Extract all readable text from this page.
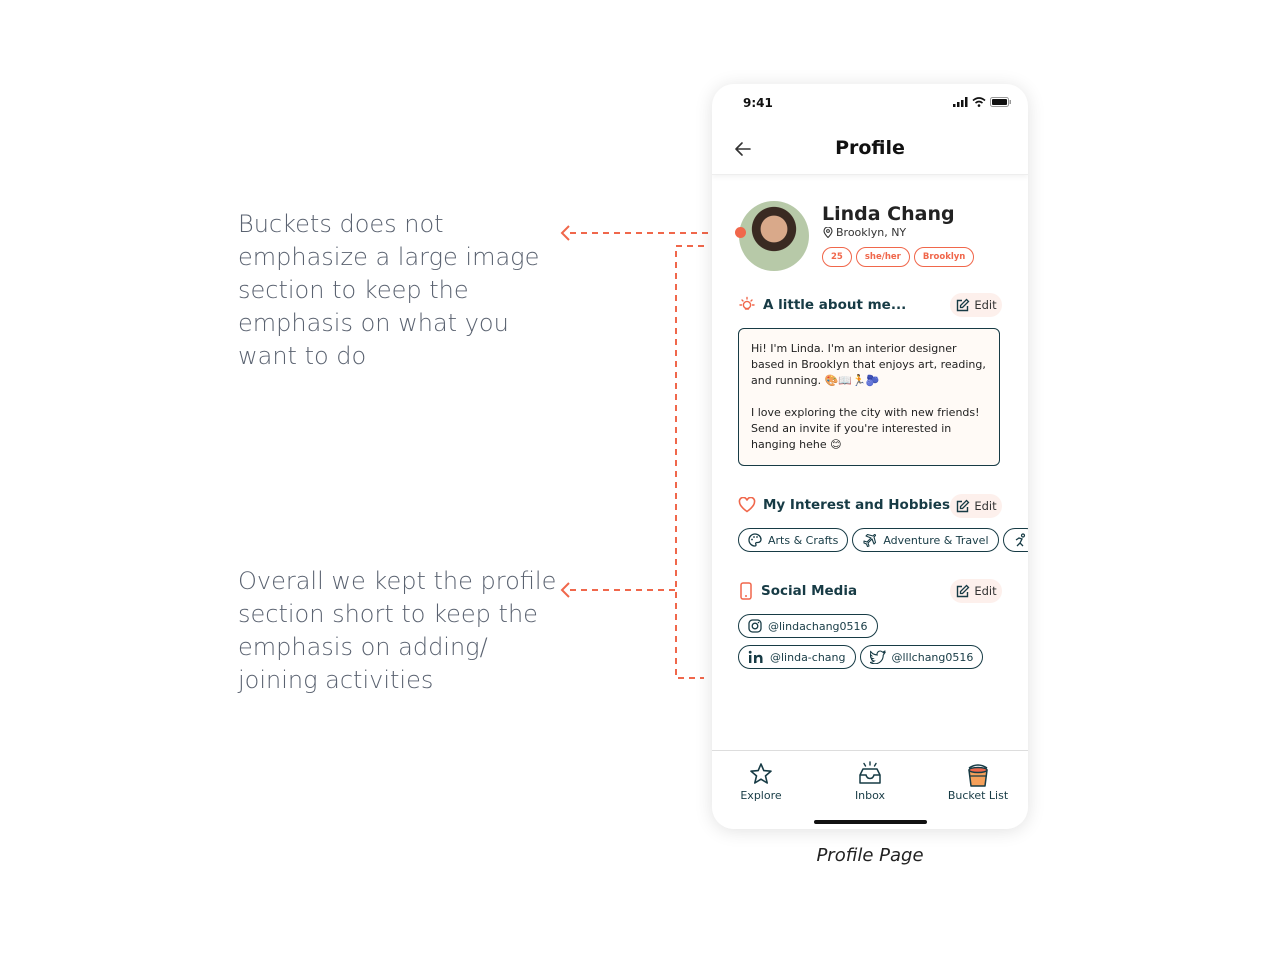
Buckets does not emphasize a large image section to keep the emphasis on what you want to do
Overall we kept the profile section short to keep the emphasis on adding/ joining activities
9:41
Profile
Linda Chang
Brooklyn, NY
25	she/her	Brooklyn
A little about me...	Edit

Hi! I'm Linda. I'm an interior designer based in Brooklyn that enjoys art, reading, and running. 🎨📖🏃🫐

I love exploring the city with new friends! Send an invite if you're interested in hanging hehe 😊

My Interest and Hobbies Edit
Arts & Crafts	Adventure & Travel
Social Media	Edit
@lindachang0516
@linda-chang	@lllchang0516
Explore	Inbox	Bucket List
Profile Page
